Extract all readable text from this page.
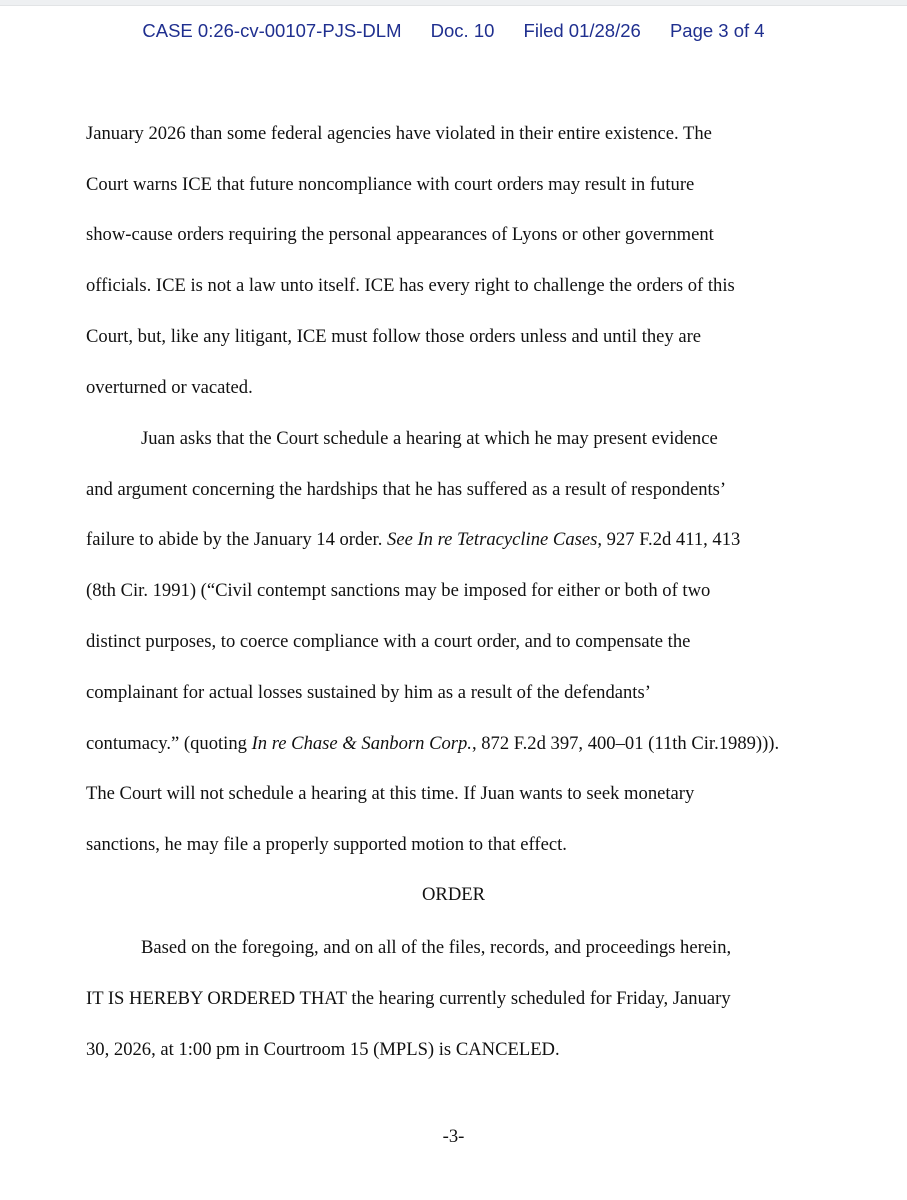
CASE 0:26-cv-00107-PJS-DLM Doc. 10 Filed 01/28/26 Page 3 of 4
January 2026 than some federal agencies have violated in their entire existence. The
Court warns ICE that future noncompliance with court orders may result in future
show-cause orders requiring the personal appearances of Lyons or other government
officials. ICE is not a law unto itself. ICE has every right to challenge the orders of this
Court, but, like any litigant, ICE must follow those orders unless and until they are
overturned or vacated.
Juan asks that the Court schedule a hearing at which he may present evidence
and argument concerning the hardships that he has suffered as a result of respondents’
failure to abide by the January 14 order. See In re Tetracycline Cases, 927 F.2d 411, 413
(8th Cir. 1991) (“Civil contempt sanctions may be imposed for either or both of two
distinct purposes, to coerce compliance with a court order, and to compensate the
complainant for actual losses sustained by him as a result of the defendants’
contumacy.” (quoting In re Chase & Sanborn Corp., 872 F.2d 397, 400–01 (11th Cir.1989))).
The Court will not schedule a hearing at this time. If Juan wants to seek monetary
sanctions, he may file a properly supported motion to that effect.
ORDER
Based on the foregoing, and on all of the files, records, and proceedings herein,
IT IS HEREBY ORDERED THAT the hearing currently scheduled for Friday, January
30, 2026, at 1:00 pm in Courtroom 15 (MPLS) is CANCELED.
-3-
